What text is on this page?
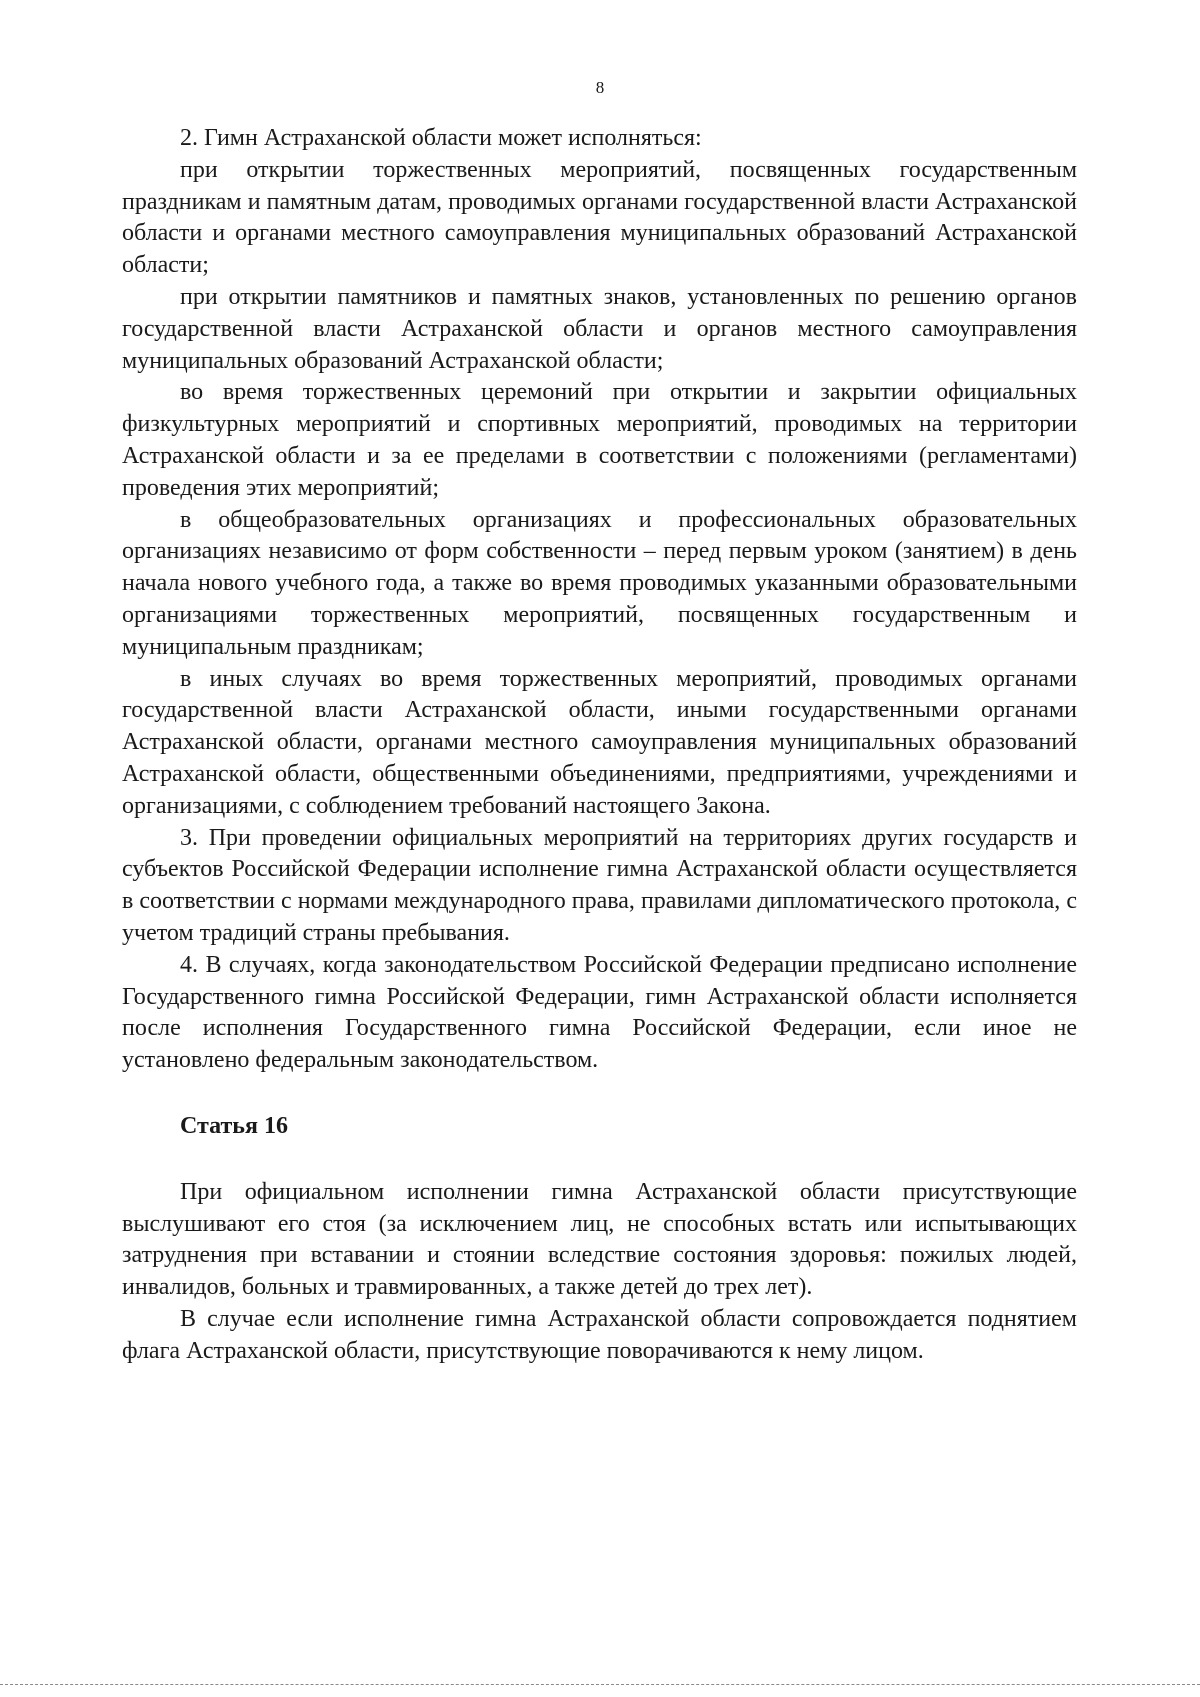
8

2. Гимн Астраханской области может исполняться:

при открытии торжественных мероприятий, посвященных государственным праздникам и памятным датам, проводимых органами государственной власти Астраханской области и органами местного самоуправления муниципальных образований Астраханской области;

при открытии памятников и памятных знаков, установленных по решению органов государственной власти Астраханской области и органов местного самоуправления муниципальных образований Астраханской области;

во время торжественных церемоний при открытии и закрытии официальных физкультурных мероприятий и спортивных мероприятий, проводимых на территории Астраханской области и за ее пределами в соответствии с положениями (регламентами) проведения этих мероприятий;

в общеобразовательных организациях и профессиональных образовательных организациях независимо от форм собственности – перед первым уроком (занятием) в день начала нового учебного года, а также во время проводимых указанными образовательными организациями торжественных мероприятий, посвященных государственным и муниципальным праздникам;

в иных случаях во время торжественных мероприятий, проводимых органами государственной власти Астраханской области, иными государственными органами Астраханской области, органами местного самоуправления муниципальных образований Астраханской области, общественными объединениями, предприятиями, учреждениями и организациями, с соблюдением требований настоящего Закона.

3. При проведении официальных мероприятий на территориях других государств и субъектов Российской Федерации исполнение гимна Астраханской области осуществляется в соответствии с нормами международного права, правилами дипломатического протокола, с учетом традиций страны пребывания.

4. В случаях, когда законодательством Российской Федерации предписано исполнение Государственного гимна Российской Федерации, гимн Астраханской области исполняется после исполнения Государственного гимна Российской Федерации, если иное не установлено федеральным законодательством.

Статья 16

При официальном исполнении гимна Астраханской области присутствующие выслушивают его стоя (за исключением лиц, не способных встать или испытывающих затруднения при вставании и стоянии вследствие состояния здоровья: пожилых людей, инвалидов, больных и травмированных, а также детей до трех лет).

В случае если исполнение гимна Астраханской области сопровождается поднятием флага Астраханской области, присутствующие поворачиваются к нему лицом.
